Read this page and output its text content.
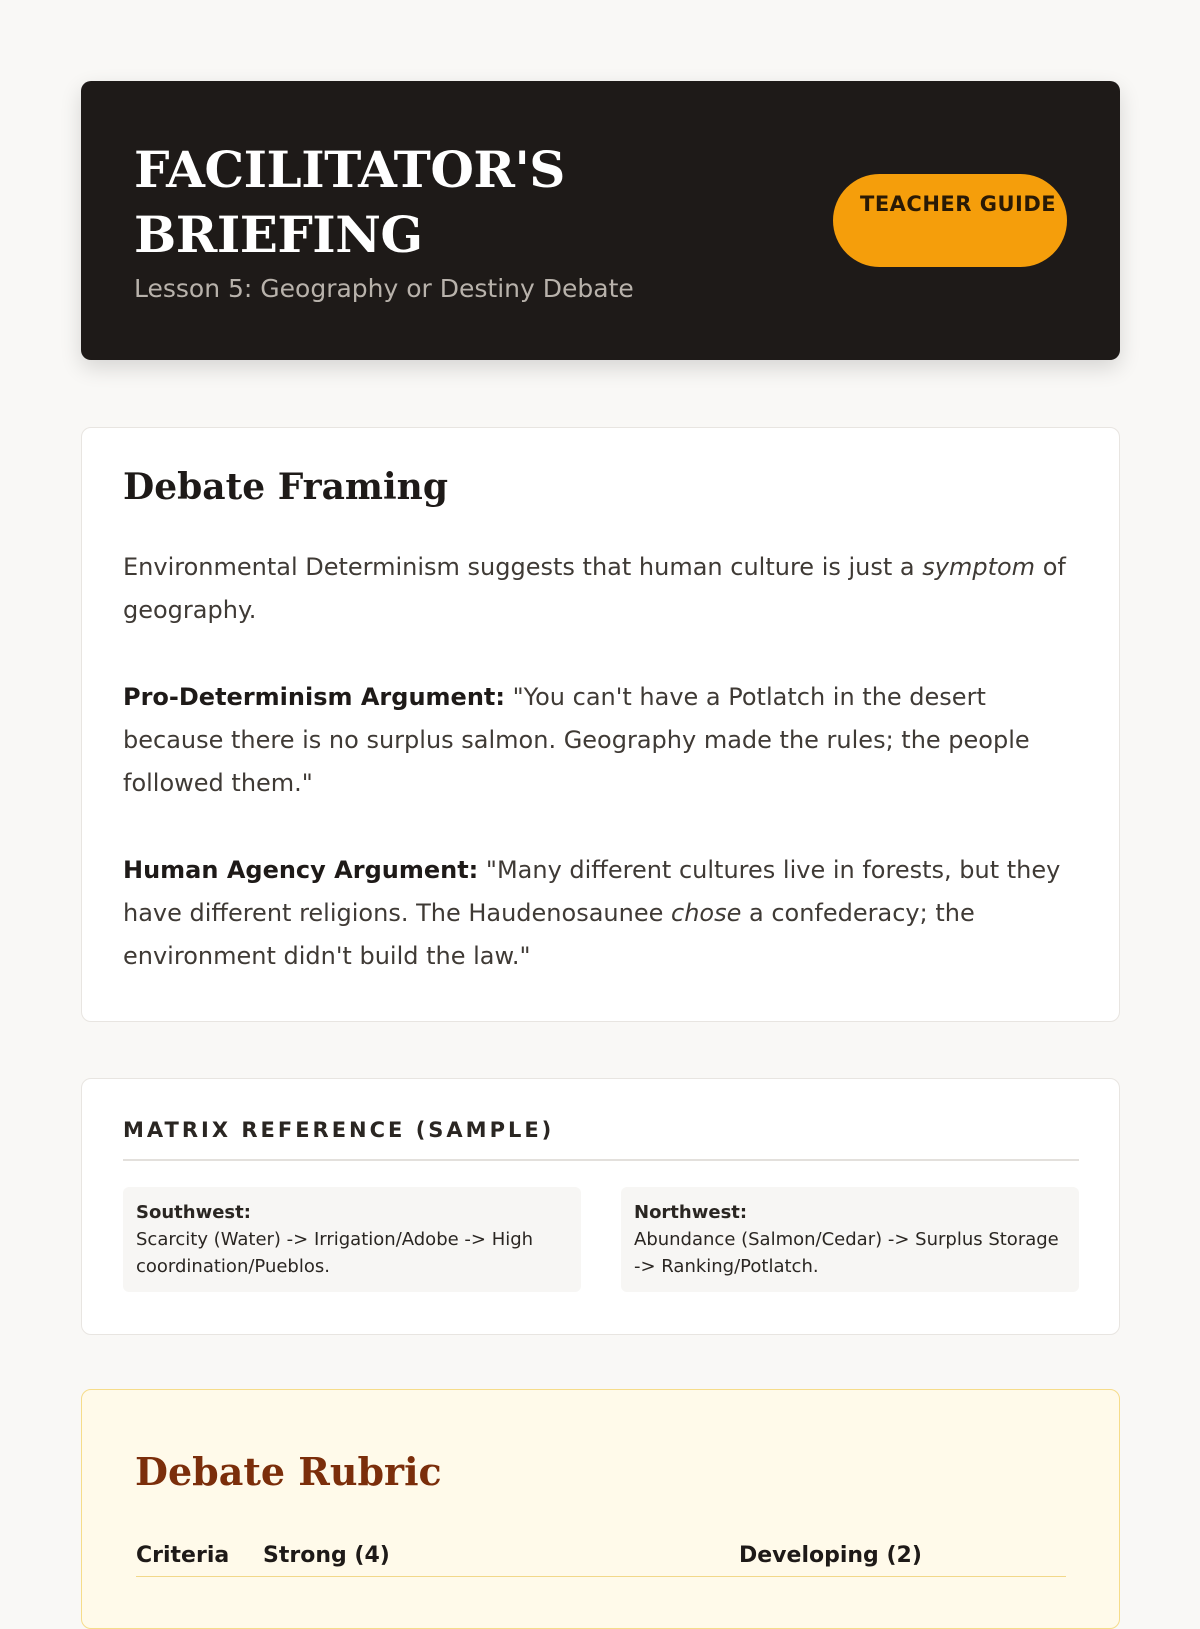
FACILITATOR'S BRIEFING

Lesson 5: Geography or Destiny Debate

TEACHER GUIDE
Debate Framing

Environmental Determinism suggests that human culture is just a symptom of geography.

Pro-Determinism Argument: "You can't have a Potlatch in the desert because there is no surplus salmon. Geography made the rules; the people followed them."

Human Agency Argument: "Many different cultures live in forests, but they have different religions. The Haudenosaunee chose a confederacy; the environment didn't build the law."

MATRIX REFERENCE (SAMPLE)
Southwest:
Scarcity (Water) -> Irrigation/Adobe -> High coordination/Pueblos.
Northwest:
Abundance (Salmon/Cedar) -> Surplus Storage -> Ranking/Potlatch.
Debate Rubric
Criteria Strong (4)	Developing (2)
